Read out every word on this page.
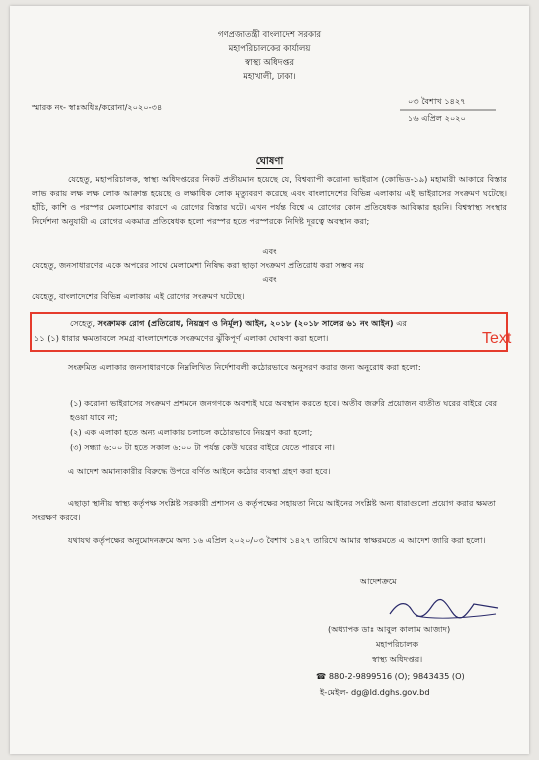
গণপ্রজাতন্ত্রী বাংলাদেশ সরকার
মহাপরিচালকের কার্যালয়
স্বাস্থ্য অধিদপ্তর
মহাখালী, ঢাকা।
স্মারক নং- স্বাঃঅধিঃ/করোনা/২০২০-৩৪
০৩ বৈশাখ ১৪২৭
১৬ এপ্রিল ২০২০
ঘোষণা
যেহেতু, মহাপরিচালক, স্বাস্থ্য অধিদপ্তরের নিকট প্রতীয়মান হয়েছে যে, বিশ্বব্যাপী করোনা ভাইরাস (কোভিড-১৯) মহামারী আকারে বিস্তার লাভ করায় লক্ষ লক্ষ লোক আক্রান্ত হয়েছে ও লক্ষাধিক লোক মৃত্যুবরণ করেছে এবং বাংলাদেশের বিভিন্ন এলাকায় এই ভাইরাসের সংক্রমণ ঘটেছে। হাঁচি, কাশি ও পরস্পর মেলামেশার কারণে এ রোগের বিস্তার ঘটে। এখন পর্যন্ত বিশ্বে এ রোগের কোন প্রতিষেধক আবিষ্কার হয়নি। বিশ্বস্বাস্থ্য সংস্থার নির্দেশনা অনুযায়ী এ রোগের একমাত্র প্রতিষেধক হলো পরস্পর হতে পরস্পরকে নিদিষ্ট দূরত্বে অবস্থান করা;
এবং
যেহেতু, জনসাধারণের একে অপরের সাথে মেলামেশা নিষিদ্ধ করা ছাড়া সংক্রমণ প্রতিরোধ করা সম্ভব নয়
এবং
যেহেতু, বাংলাদেশের বিভিন্ন এলাকায় এই রোগের সংক্রমণ ঘটেছে।
সেহেতু, সংক্রামক রোগ (প্রতিরোধ, নিয়ন্ত্রণ ও নির্মূল) আইন, ২০১৮ (২০১৮ সালের ৬১ নং আইন) এর
১১ (১) ধারার ক্ষমতাবলে সমগ্র বাংলাদেশকে সংক্রমণের ঝুঁকিপূর্ণ এলাকা ঘোষণা করা হলো।	Text
সংক্রমিত এলাকার জনসাধারণকে নিম্নলিখিত নির্দেশাবলী কঠোরভাবে অনুসরণ করার জন্য অনুরোধ করা হলো:
(১) করোনা ভাইরাসের সংক্রমণ প্রশমনে জনগণকে অবশ্যই ঘরে অবস্থান করতে হবে। অতীব জরুরি প্রয়োজন ব্যতীত ঘরের বাইরে বের হওয়া যাবে না;
(২) এক এলাকা হতে অন্য এলাকায় চলাচল কঠোরভাবে নিয়ন্ত্রণ করা হলো;
(৩) সন্ধ্যা ৬:০০ টা হতে সকাল ৬:০০ টা পর্যন্ত কেউ ঘরের বাইরে যেতে পারবে না।
এ আদেশ অমান্যকারীর বিরুদ্ধে উপরে বর্ণিত আইনে কঠোর ব্যবস্থা গ্রহণ করা হবে।
এছাড়া স্থানীয় স্বাস্থ্য কর্তৃপক্ষ সংশ্লিষ্ট সরকারী প্রশাসন ও কর্তৃপক্ষের সহায়তা নিয়ে আইনের সংশ্লিষ্ট অন্য ধারাগুলো প্রয়োগ করার ক্ষমতা সংরক্ষণ করবে।
যথাযথ কর্তৃপক্ষের অনুমোদনক্রমে অদ্য ১৬ এপ্রিল ২০২০/০৩ বৈশাখ ১৪২৭ তারিখে আমার স্বাক্ষরমতে এ আদেশ জারি করা হলো।
আদেশক্রমে
(অধ্যাপক ডাঃ আবুল কালাম আজাদ)
মহাপরিচালক
স্বাস্থ্য অধিদপ্তর।
☎ 880-2-9899516 (O); 9843435 (O)
ই-মেইল- dg@ld.dghs.gov.bd
